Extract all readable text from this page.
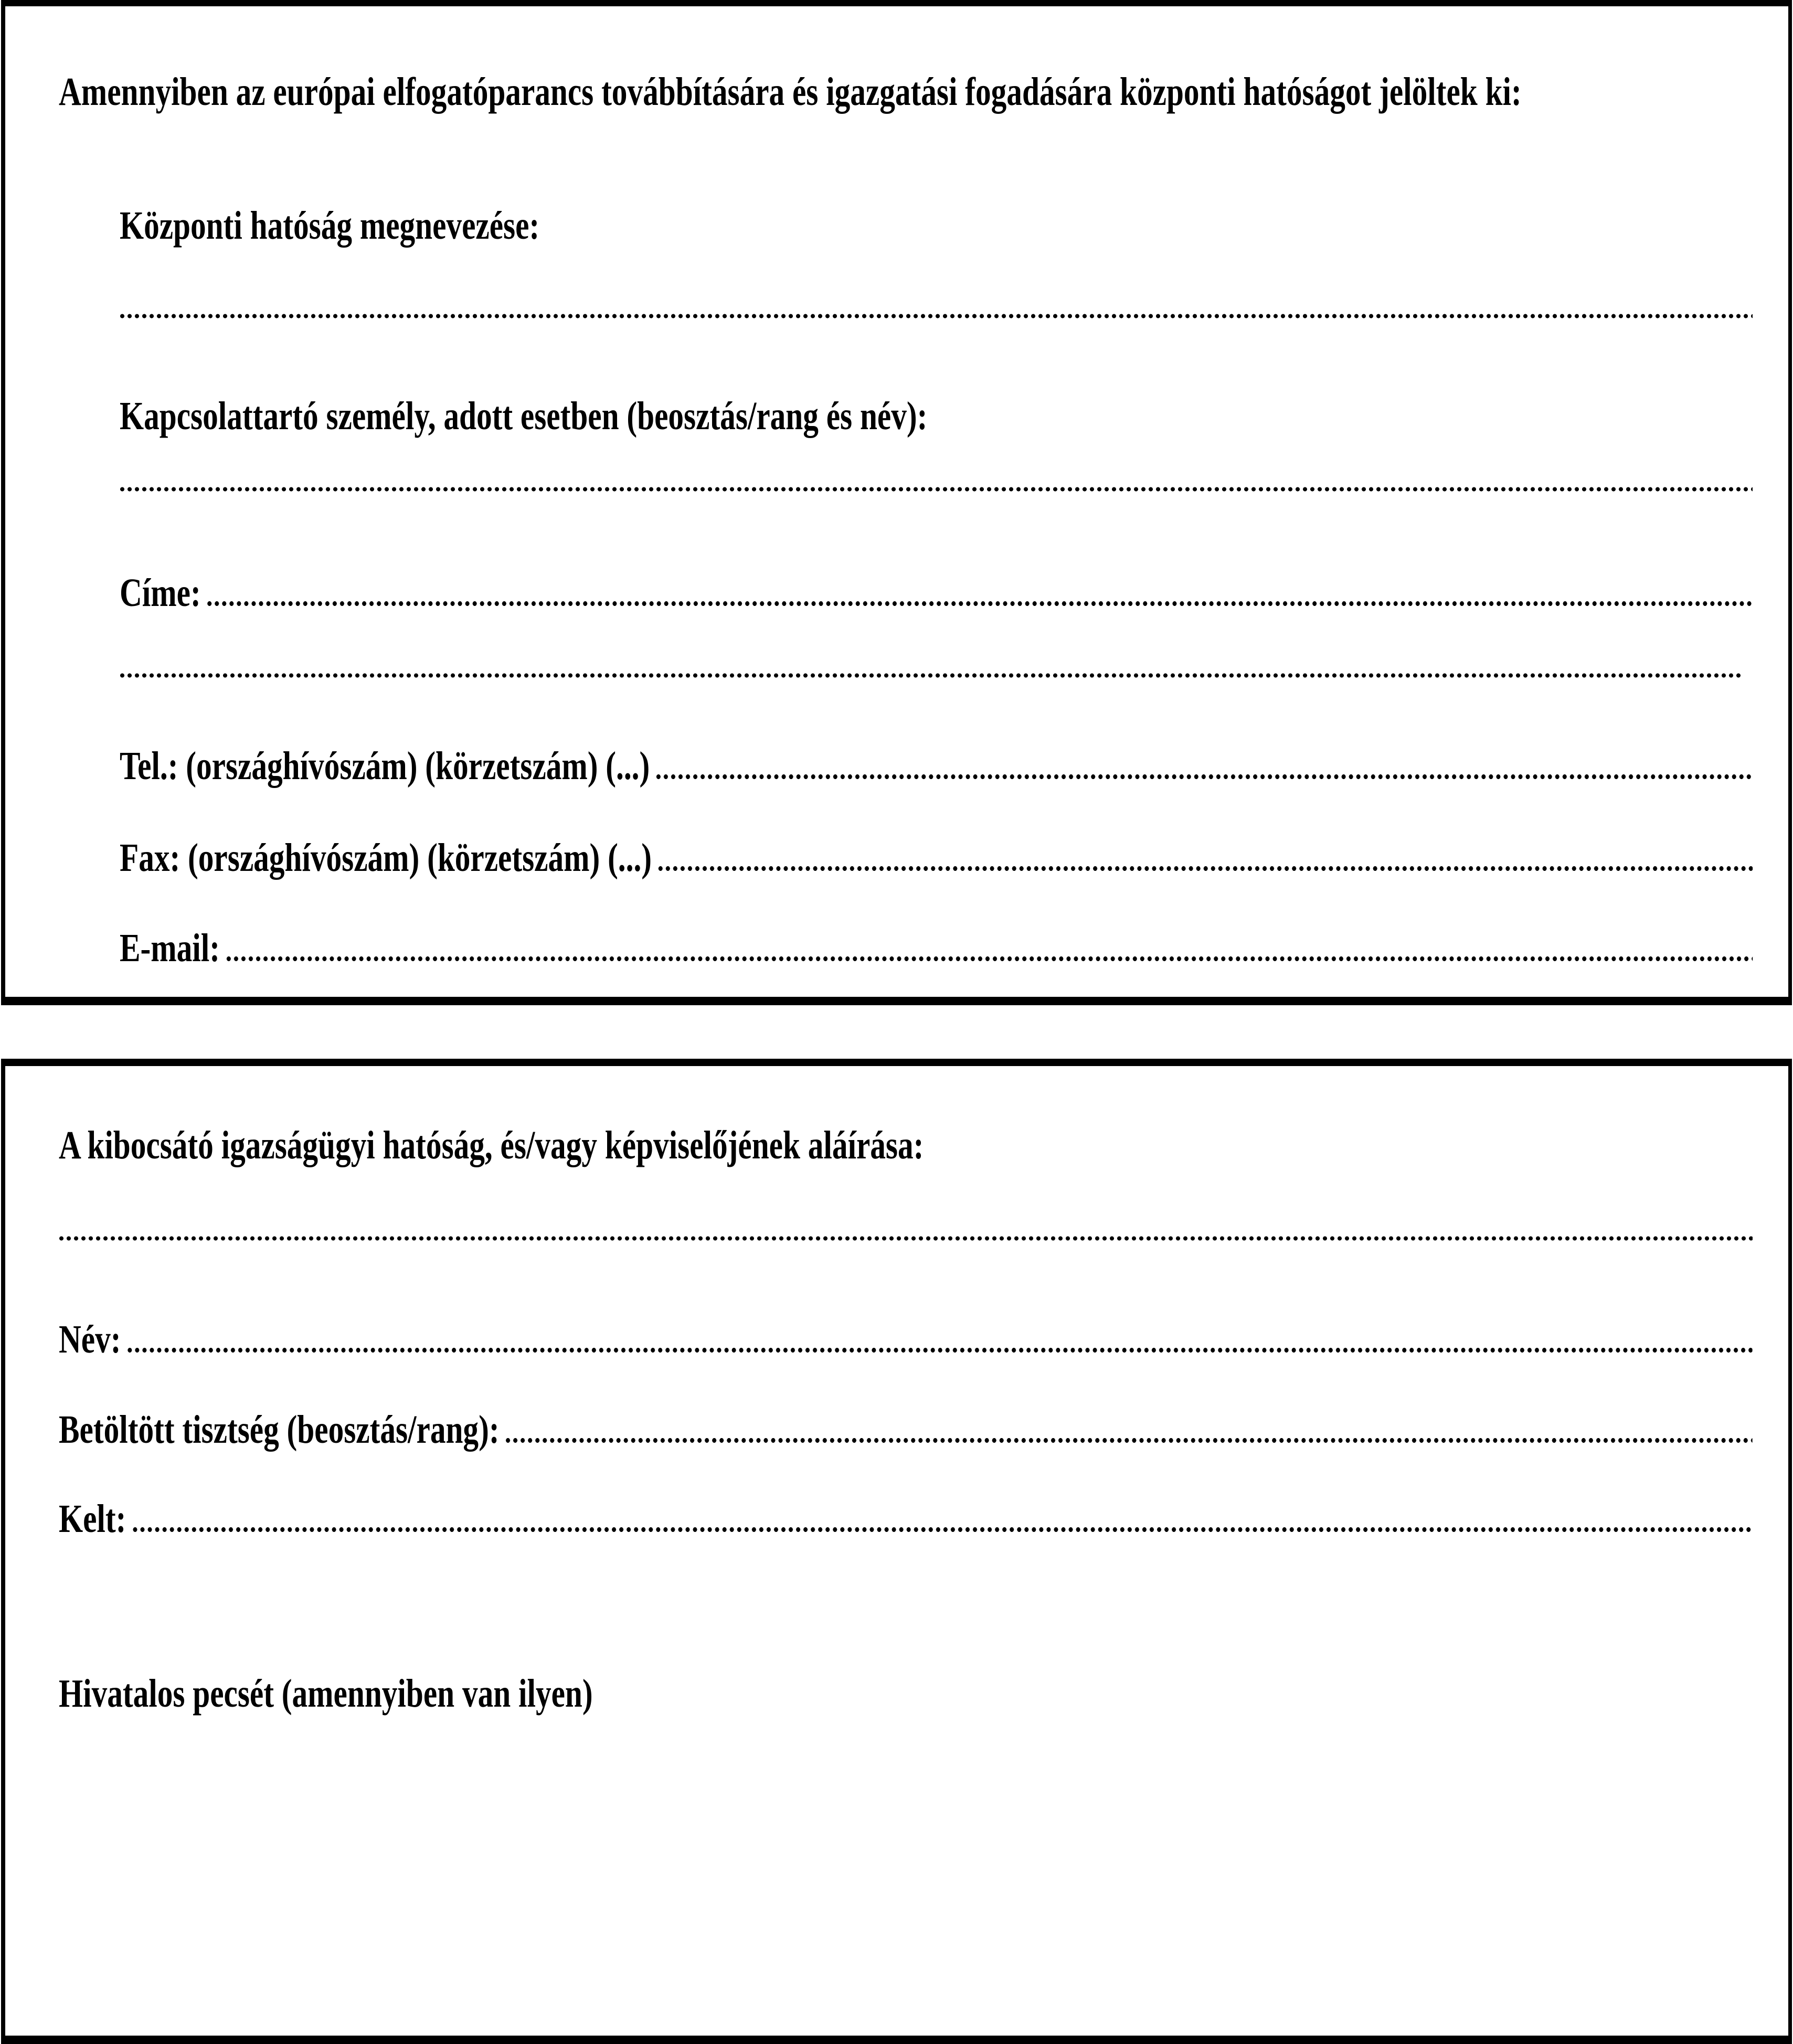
Amennyiben az európai elfogatóparancs továbbítására és igazgatási fogadására központi hatóságot jelöltek ki:
Központi hatóság megnevezése:
Kapcsolattartó személy, adott esetben (beosztás/rang és név):
Címe:
Tel.: (országhívószám) (körzetszám) (...)
Fax: (országhívószám) (körzetszám) (...)
E-mail:
A kibocsátó igazságügyi hatóság, és/vagy képviselőjének aláírása:
Név:
Betöltött tisztség (beosztás/rang):
Kelt:
Hivatalos pecsét (amennyiben van ilyen)
